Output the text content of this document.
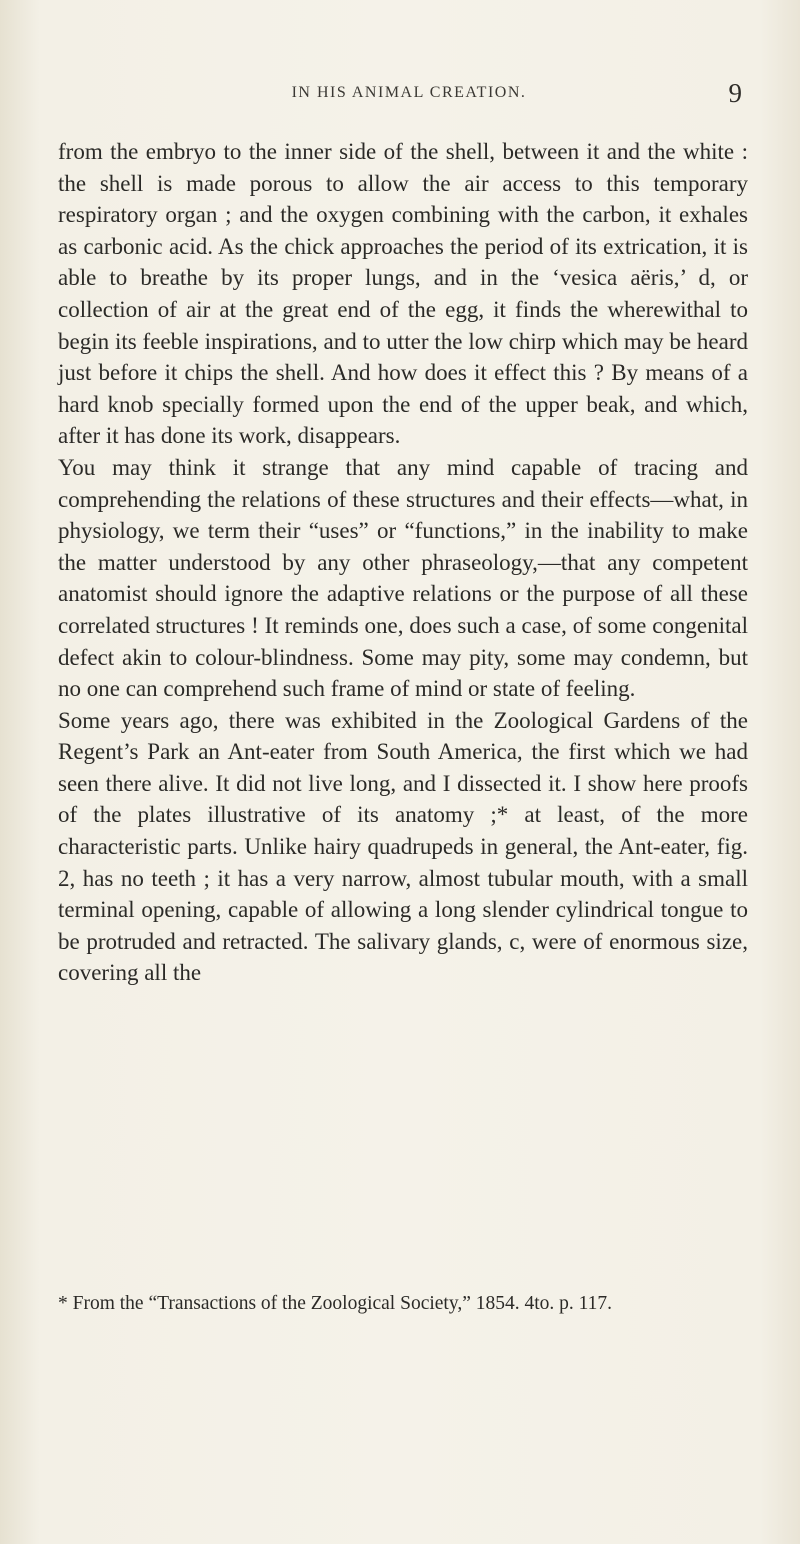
IN HIS ANIMAL CREATION.	9

from the embryo to the inner side of the shell, between it and the white : the shell is made porous to allow the air access to this temporary respiratory organ ; and the oxygen combining with the carbon, it exhales as carbonic acid. As the chick approaches the period of its extrication, it is able to breathe by its proper lungs, and in the ‘vesica aëris,’ d, or collection of air at the great end of the egg, it finds the wherewithal to begin its feeble inspirations, and to utter the low chirp which may be heard just before it chips the shell. And how does it effect this ? By means of a hard knob specially formed upon the end of the upper beak, and which, after it has done its work, disappears.

You may think it strange that any mind capable of tracing and comprehending the relations of these structures and their effects—what, in physiology, we term their “uses” or “functions,” in the inability to make the matter understood by any other phraseology,—that any competent anatomist should ignore the adaptive relations or the purpose of all these correlated structures ! It reminds one, does such a case, of some congenital defect akin to colour-blindness. Some may pity, some may condemn, but no one can comprehend such frame of mind or state of feeling.

Some years ago, there was exhibited in the Zoological Gardens of the Regent’s Park an Ant-eater from South America, the first which we had seen there alive. It did not live long, and I dissected it. I show here proofs of the plates illustrative of its anatomy ;* at least, of the more characteristic parts. Unlike hairy quadrupeds in general, the Ant-eater, fig. 2, has no teeth ; it has a very narrow, almost tubular mouth, with a small terminal opening, capable of allowing a long slender cylindrical tongue to be protruded and retracted. The salivary glands, c, were of enormous size, covering all the

* From the “Transactions of the Zoological Society,” 1854. 4to. p. 117.
